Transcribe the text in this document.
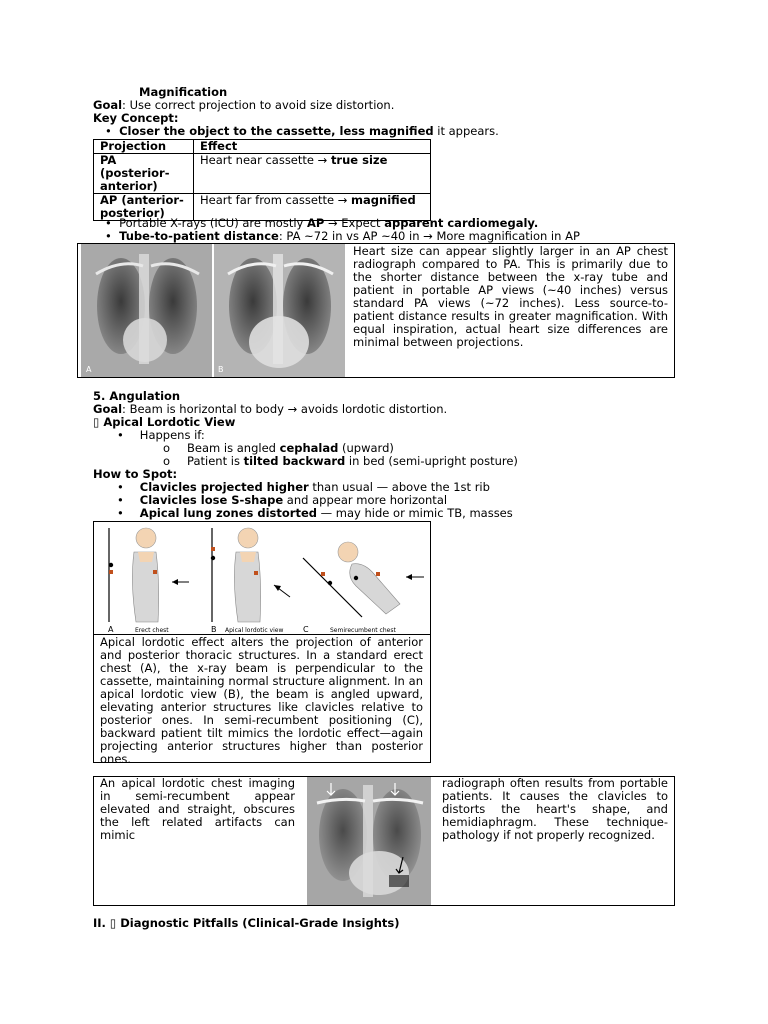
Magnification
Goal: Use correct projection to avoid size distortion.
Key Concept:
• Closer the object to the cassette, less magnified it appears.
Projection	Effect
PA (posterior-anterior)	Heart near cassette → true size
AP (anterior-posterior)	Heart far from cassette → magnified
• Portable X-rays (ICU) are mostly AP → Expect apparent cardiomegaly.
• Tube-to-patient distance: PA ~72 in vs AP ~40 in → More magnification in AP
A	B
Heart size can appear slightly larger in an AP chest radiograph compared to PA. This is primarily due to the shorter distance between the x-ray tube and patient in portable AP views (~40 inches) versus standard PA views (~72 inches). Less source-to-patient distance results in greater magnification. With equal inspiration, actual heart size differences are minimal between projections.
5. Angulation
Goal: Beam is horizontal to body → avoids lordotic distortion.
▯ Apical Lordotic View
• Happens if:
o Beam is angled cephalad (upward)
o Patient is tilted backward in bed (semi-upright posture)
How to Spot:
• Clavicles projected higher than usual — above the 1st rib
• Clavicles lose S-shape and appear more horizontal
• Apical lung zones distorted — may hide or mimic TB, masses
A	Erect chest	B Apical lordotic view C	Semirecumbent chest
Apical lordotic effect alters the projection of anterior and posterior thoracic structures. In a standard erect chest (A), the x-ray beam is perpendicular to the cassette, maintaining normal structure alignment. In an apical lordotic view (B), the beam is angled upward, elevating anterior structures like clavicles relative to posterior ones. In semi-recumbent positioning (C), backward patient tilt mimics the lordotic effect—again projecting anterior structures higher than posterior ones.
An apical lordotic chest imaging in semi-recumbent appear elevated and straight, obscures the left related artifacts can mimic
radiograph often results from portable patients. It causes the clavicles to distorts the heart's shape, and hemidiaphragm. These technique-pathology if not properly recognized.
II. ▯ Diagnostic Pitfalls (Clinical-Grade Insights)
